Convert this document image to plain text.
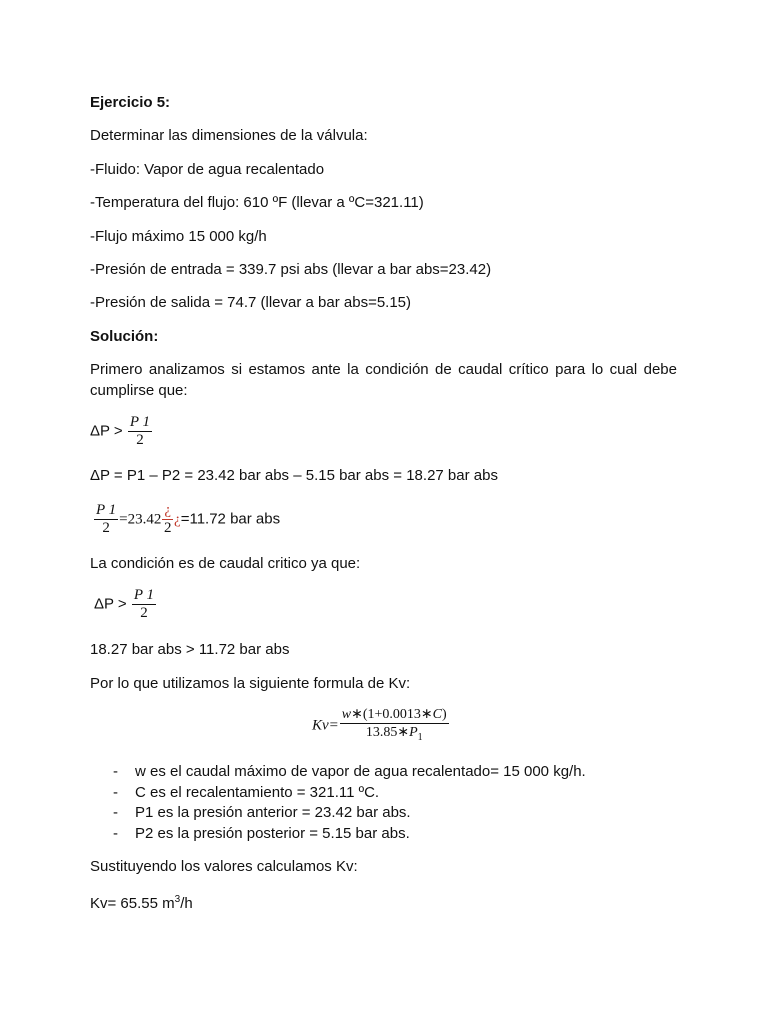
Ejercicio 5:
Determinar las dimensiones de la válvula:
-Fluido: Vapor de agua recalentado
-Temperatura del flujo: 610 ºF (llevar a ºC=321.11)
-Flujo máximo 15 000 kg/h
-Presión de entrada = 339.7 psi abs (llevar a bar abs=23.42)
-Presión de salida = 74.7 (llevar a bar abs=5.15)
Solución:
Primero analizamos si estamos ante la condición de caudal crítico para lo cual debe cumplirse que:
$\Delta P > \frac{P 1}{2}$
ΔP = P1 – P2 = 23.42 bar abs – 5.15 bar abs = 18.27 bar abs
$\frac{P 1}{2} =23.42 \frac{¿}{2}$ ¿=11.72 bar abs
La condición es de caudal critico ya que:
$\Delta P > \frac{P 1}{2}$
18.27 bar abs > 11.72 bar abs
Por lo que utilizamos la siguiente formula de Kv:
$Kv= \frac{w∗(1+0.0013∗C)}{13.85∗P_1}$
- w es el caudal máximo de vapor de agua recalentado= 15 000 kg/h.
- C es el recalentamiento = 321.11 ºC.
- P1 es la presión anterior = 23.42 bar abs.
- P2 es la presión posterior = 5.15 bar abs.
Sustituyendo los valores calculamos Kv:
Kv= 65.55 $m^3/h$
